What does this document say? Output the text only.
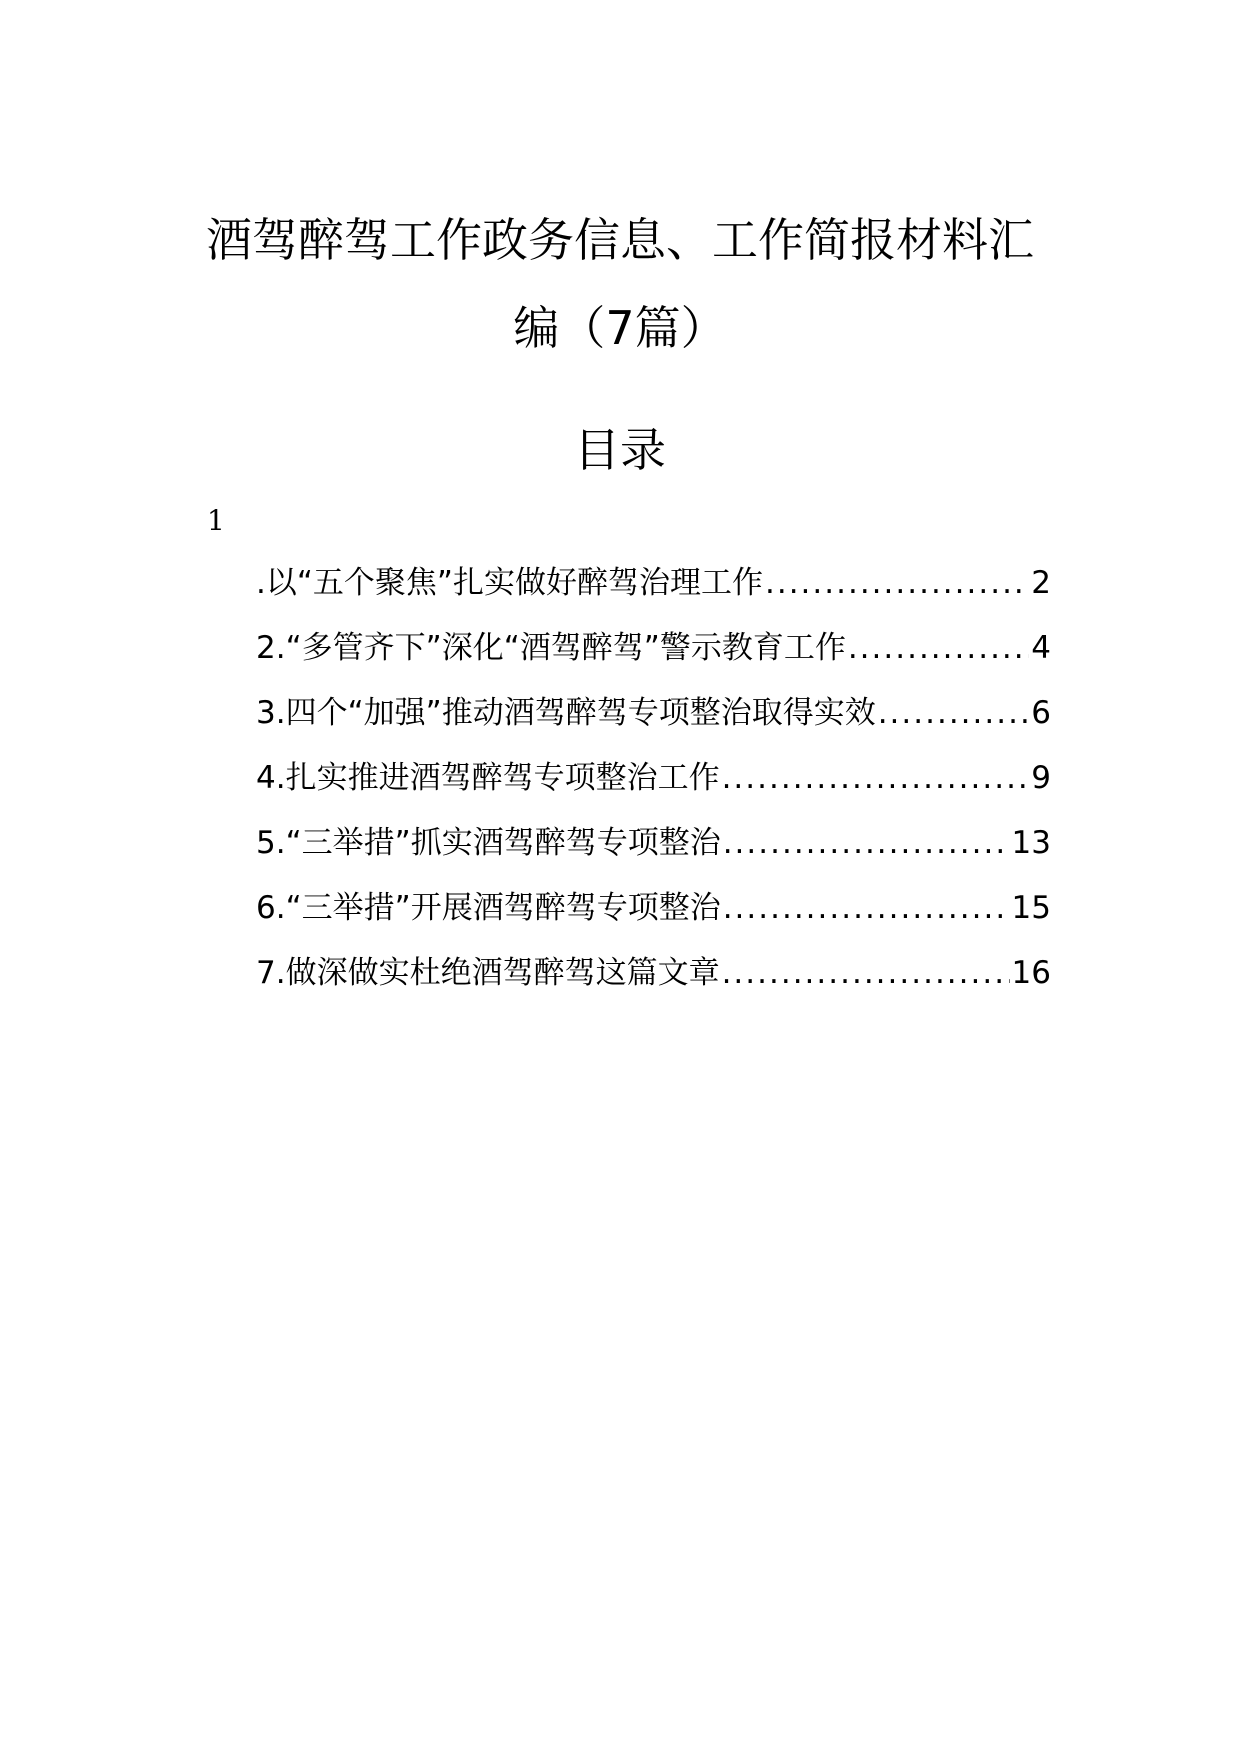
酒驾醉驾工作政务信息、工作简报材料汇
编（7篇）
目录
1
.以“五个聚焦”扎实做好醉驾治理工作 .....	2
2.“多管齐下”深化“酒驾醉驾”警示教育工作 .....	4
3.四个“加强”推动酒驾醉驾专项整治取得实效 .....	6
4.扎实推进酒驾醉驾专项整治工作 .....	9
5.“三举措”抓实酒驾醉驾专项整治 .....	13
6.“三举措”开展酒驾醉驾专项整治 .....	15
7.做深做实杜绝酒驾醉驾这篇文章 .....	16
